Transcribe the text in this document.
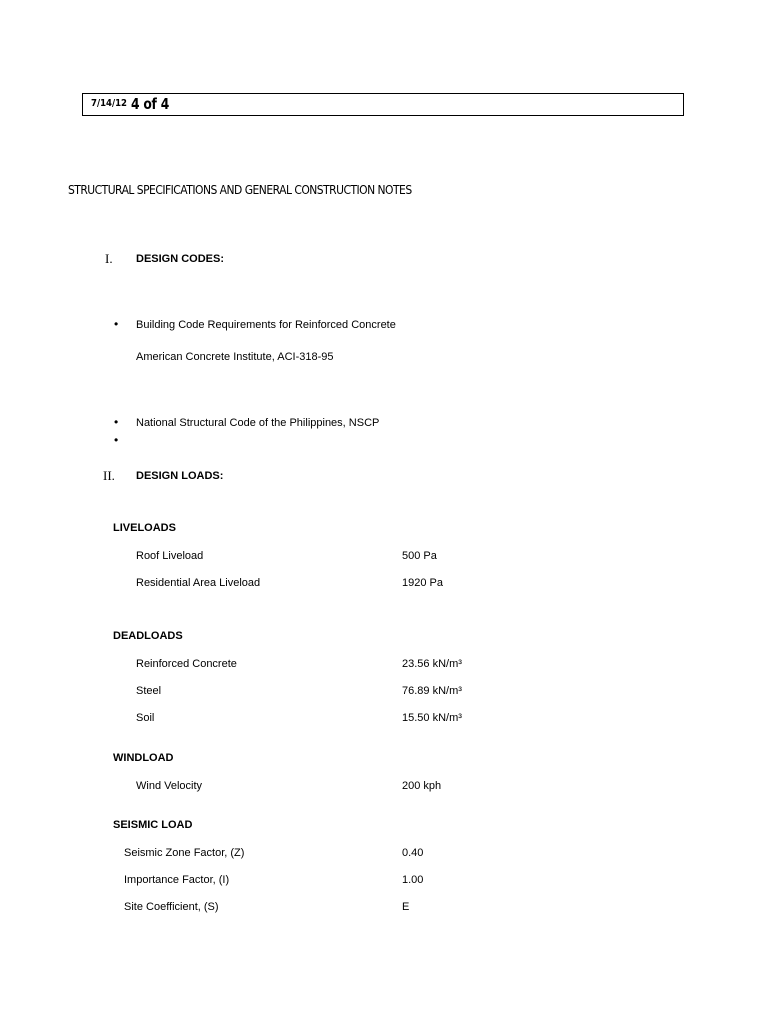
7/14/12 4 of 4
STRUCTURAL SPECIFICATIONS AND GENERAL CONSTRUCTION NOTES
I. DESIGN CODES:
• Building Code Requirements for Reinforced Concrete
American Concrete Institute, ACI-318-95
• National Structural Code of the Philippines, NSCP
•
II. DESIGN LOADS:
LIVELOADS
Roof Liveload	500 Pa
Residential Area Liveload	1920 Pa
DEADLOADS
Reinforced Concrete	23.56 kN/m³
Steel	76.89 kN/m³
Soil	15.50 kN/m³
WINDLOAD
Wind Velocity	200 kph
SEISMIC LOAD
Seismic Zone Factor, (Z)	0.40
Importance Factor, (I)	1.00
Site Coefficient, (S)	E
